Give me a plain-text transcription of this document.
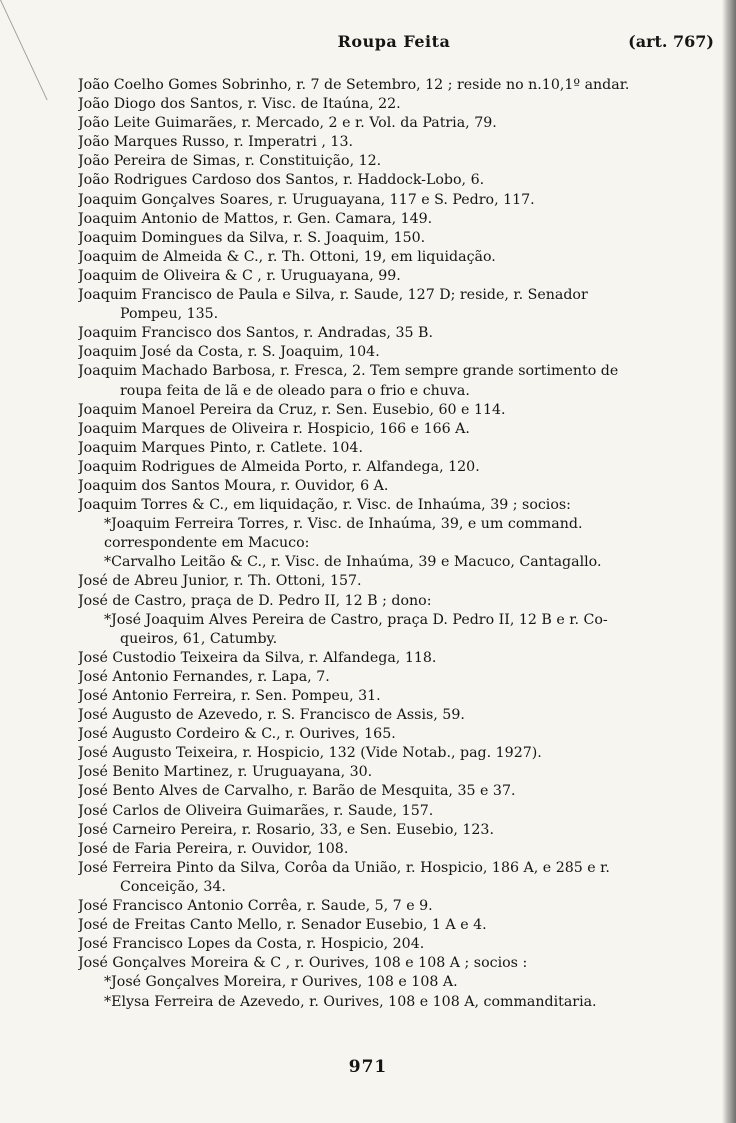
Roupa Feita	(art. 767)
João Coelho Gomes Sobrinho, r. 7 de Setembro, 12 ; reside no n.10,1º andar.
João Diogo dos Santos, r. Visc. de Itaúna, 22.
João Leite Guimarães, r. Mercado, 2 e r. Vol. da Patria, 79.
João Marques Russo, r. Imperatri , 13.
João Pereira de Simas, r. Constituição, 12.
João Rodrigues Cardoso dos Santos, r. Haddock-Lobo, 6.
Joaquim Gonçalves Soares, r. Uruguayana, 117 e S. Pedro, 117.
Joaquim Antonio de Mattos, r. Gen. Camara, 149.
Joaquim Domingues da Silva, r. S. Joaquim, 150.
Joaquim de Almeida & C., r. Th. Ottoni, 19, em liquidação.
Joaquim de Oliveira & C , r. Uruguayana, 99.
Joaquim Francisco de Paula e Silva, r. Saude, 127 D; reside, r. Senador
Pompeu, 135.
Joaquim Francisco dos Santos, r. Andradas, 35 B.
Joaquim José da Costa, r. S. Joaquim, 104.
Joaquim Machado Barbosa, r. Fresca, 2. Tem sempre grande sortimento de
roupa feita de lã e de oleado para o frio e chuva.
Joaquim Manoel Pereira da Cruz, r. Sen. Eusebio, 60 e 114.
Joaquim Marques de Oliveira r. Hospicio, 166 e 166 A.
Joaquim Marques Pinto, r. Catlete. 104.
Joaquim Rodrigues de Almeida Porto, r. Alfandega, 120.
Joaquim dos Santos Moura, r. Ouvidor, 6 A.
Joaquim Torres & C., em liquidação, r. Visc. de Inhaúma, 39 ; socios:
*Joaquim Ferreira Torres, r. Visc. de Inhaúma, 39, e um command.
correspondente em Macuco:
*Carvalho Leitão & C., r. Visc. de Inhaúma, 39 e Macuco, Cantagallo.
José de Abreu Junior, r. Th. Ottoni, 157.
José de Castro, praça de D. Pedro II, 12 B ; dono:
*José Joaquim Alves Pereira de Castro, praça D. Pedro II, 12 B e r. Co-
queiros, 61, Catumby.
José Custodio Teixeira da Silva, r. Alfandega, 118.
José Antonio Fernandes, r. Lapa, 7.
José Antonio Ferreira, r. Sen. Pompeu, 31.
José Augusto de Azevedo, r. S. Francisco de Assis, 59.
José Augusto Cordeiro & C., r. Ourives, 165.
José Augusto Teixeira, r. Hospicio, 132 (Vide Notab., pag. 1927).
José Benito Martinez, r. Uruguayana, 30.
José Bento Alves de Carvalho, r. Barão de Mesquita, 35 e 37.
José Carlos de Oliveira Guimarães, r. Saude, 157.
José Carneiro Pereira, r. Rosario, 33, e Sen. Eusebio, 123.
José de Faria Pereira, r. Ouvidor, 108.
José Ferreira Pinto da Silva, Corôa da União, r. Hospicio, 186 A, e 285 e r.
Conceição, 34.
José Francisco Antonio Corrêa, r. Saude, 5, 7 e 9.
José de Freitas Canto Mello, r. Senador Eusebio, 1 A e 4.
José Francisco Lopes da Costa, r. Hospicio, 204.
José Gonçalves Moreira & C , r. Ourives, 108 e 108 A ; socios :
*José Gonçalves Moreira, r Ourives, 108 e 108 A.
*Elysa Ferreira de Azevedo, r. Ourives, 108 e 108 A, commanditaria.
971
